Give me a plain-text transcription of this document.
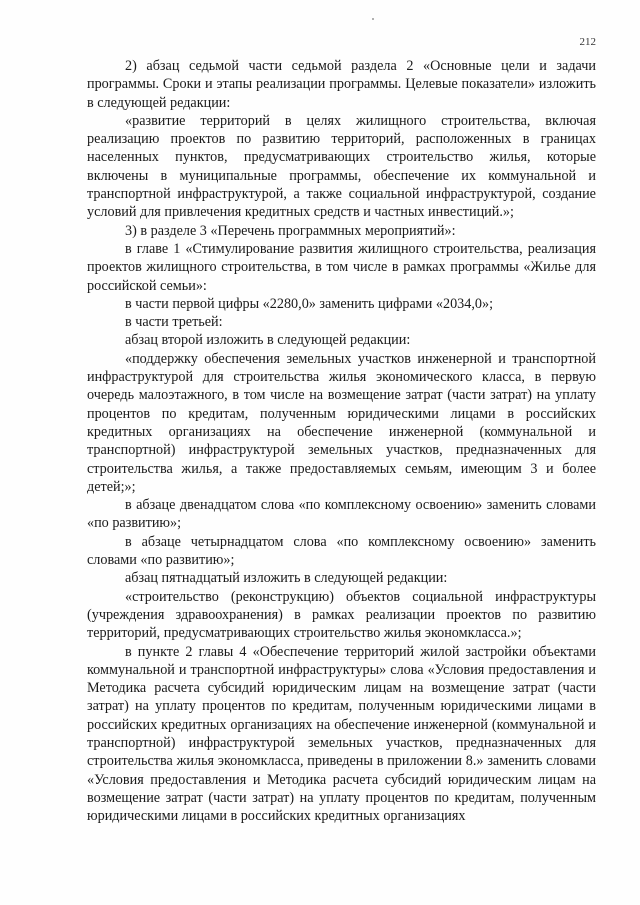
212

2) абзац седьмой части седьмой раздела 2 «Основные цели и задачи программы. Сроки и этапы реализации программы. Целевые показатели» изложить в следующей редакции:

«развитие территорий в целях жилищного строительства, включая реализацию проектов по развитию территорий, расположенных в границах населенных пунктов, предусматривающих строительство жилья, которые включены в муниципальные программы, обеспечение их коммунальной и транспортной инфраструктурой, а также социальной инфраструктурой, создание условий для привлечения кредитных средств и частных инвестиций.»;

3) в разделе 3 «Перечень программных мероприятий»:

в главе 1 «Стимулирование развития жилищного строительства, реализация проектов жилищного строительства, в том числе в рамках программы «Жилье для российской семьи»:

в части первой цифры «2280,0» заменить цифрами «2034,0»;

в части третьей:

абзац второй изложить в следующей редакции:

«поддержку обеспечения земельных участков инженерной и транспортной инфраструктурой для строительства жилья экономического класса, в первую очередь малоэтажного, в том числе на возмещение затрат (части затрат) на уплату процентов по кредитам, полученным юридическими лицами в российских кредитных организациях на обеспечение инженерной (коммунальной и транспортной) инфраструктурой земельных участков, предназначенных для строительства жилья, а также предоставляемых семьям, имеющим 3 и более детей;»;

в абзаце двенадцатом слова «по комплексному освоению» заменить словами «по развитию»;

в абзаце четырнадцатом слова «по комплексному освоению» заменить словами «по развитию»;

абзац пятнадцатый изложить в следующей редакции:

«строительство (реконструкцию) объектов социальной инфраструктуры (учреждения здравоохранения) в рамках реализации проектов по развитию территорий, предусматривающих строительство жилья экономкласса.»;

в пункте 2 главы 4 «Обеспечение территорий жилой застройки объектами коммунальной и транспортной инфраструктуры» слова «Условия предоставления и Методика расчета субсидий юридическим лицам на возмещение затрат (части затрат) на уплату процентов по кредитам, полученным юридическими лицами в российских кредитных организациях на обеспечение инженерной (коммунальной и транспортной) инфраструктурой земельных участков, предназначенных для строительства жилья экономкласса, приведены в приложении 8.» заменить словами «Условия предоставления и Методика расчета субсидий юридическим лицам на возмещение затрат (части затрат) на уплату процентов по кредитам, полученным юридическими лицами в российских кредитных организациях
